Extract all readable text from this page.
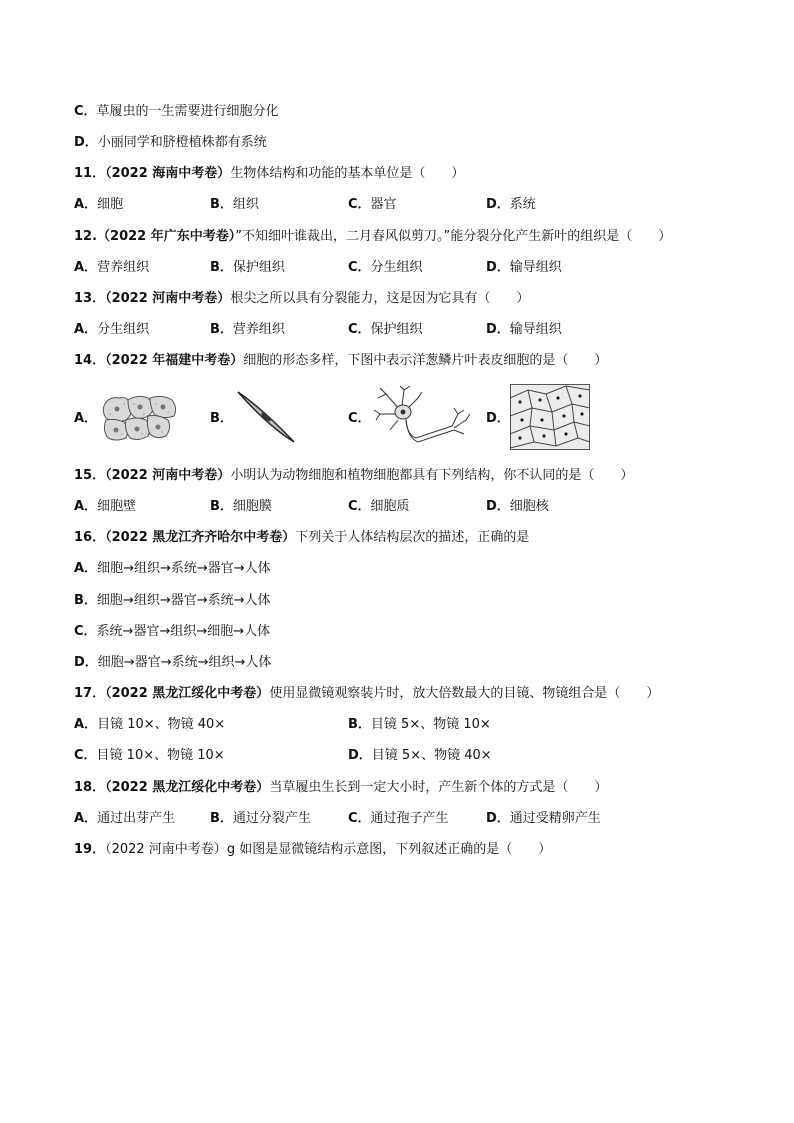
C．草履虫的一生需要进行细胞分化
D．小丽同学和脐橙植株都有系统
11．（2022 海南中考卷）生物体结构和功能的基本单位是（　　）
A．细胞	B．组织	C．器官	D．系统
12.（2022 年广东中考卷）”不知细叶谁裁出，二月春风似剪刀。”能分裂分化产生新叶的组织是（　　）
A．营养组织	B．保护组织	C．分生组织	D．输导组织
13．（2022 河南中考卷）根尖之所以具有分裂能力，这是因为它具有（　　）
A．分生组织	B．营养组织	C．保护组织	D．输导组织
14．（2022 年福建中考卷）细胞的形态多样，下图中表示洋葱鳞片叶表皮细胞的是（　　）
A．	B．	C．	D．
15．（2022 河南中考卷）小明认为动物细胞和植物细胞都具有下列结构，你不认同的是（　　）
A．细胞壁	B．细胞膜	C．细胞质	D．细胞核
16．（2022 黑龙江齐齐哈尔中考卷）下列关于人体结构层次的描述，正确的是
A．细胞→组织→系统→器官→人体
B．细胞→组织→器官→系统→人体
C．系统→器官→组织→细胞→人体
D．细胞→器官→系统→组织→人体
17．（2022 黑龙江绥化中考卷）使用显微镜观察装片时，放大倍数最大的目镜、物镜组合是（　　）
A．目镜 10×、物镜 40×	B．目镜 5×、物镜 10×
C．目镜 10×、物镜 10×	D．目镜 5×、物镜 40×
18．（2022 黑龙江绥化中考卷）当草履虫生长到一定大小时，产生新个体的方式是（　　）
A．通过出芽产生	B．通过分裂产生	C．通过孢子产生	D．通过受精卵产生
19．（2022 河南中考卷）g 如图是显微镜结构示意图，下列叙述正确的是（　　）
